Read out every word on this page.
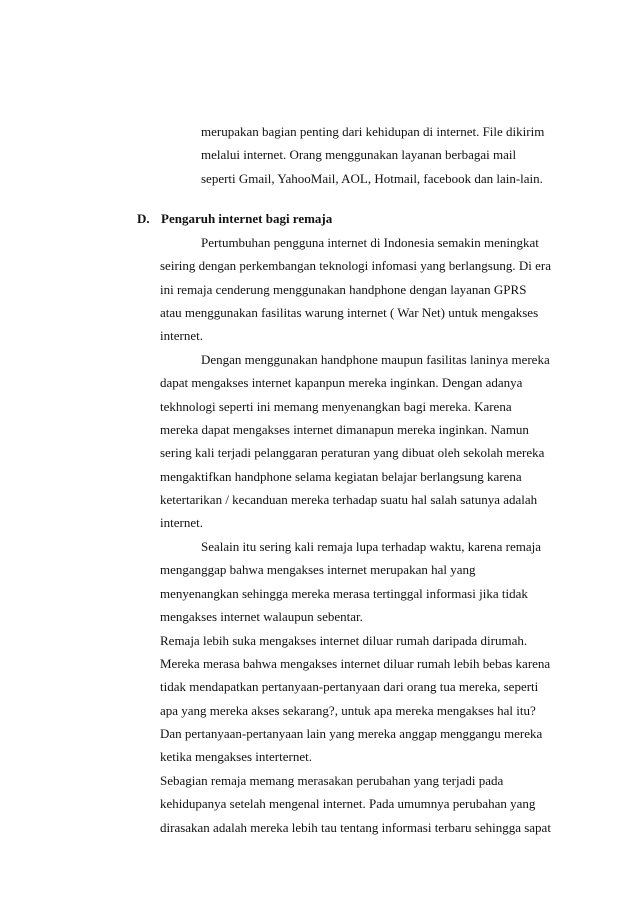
merupakan bagian penting dari kehidupan di internet. File dikirim
melalui internet. Orang menggunakan layanan berbagai mail
seperti Gmail, YahooMail, AOL, Hotmail, facebook dan lain-lain.
D. Pengaruh internet bagi remaja
Pertumbuhan pengguna internet di Indonesia semakin meningkat
seiring dengan perkembangan teknologi infomasi yang berlangsung. Di era
ini remaja cenderung menggunakan handphone dengan layanan GPRS
atau menggunakan fasilitas warung internet ( War Net) untuk mengakses
internet.
Dengan menggunakan handphone maupun fasilitas laninya mereka
dapat mengakses internet kapanpun mereka inginkan. Dengan adanya
tekhnologi seperti ini memang menyenangkan bagi mereka. Karena
mereka dapat mengakses internet dimanapun mereka inginkan. Namun
sering kali terjadi pelanggaran peraturan yang dibuat oleh sekolah mereka
mengaktifkan handphone selama kegiatan belajar berlangsung karena
ketertarikan / kecanduan mereka terhadap suatu hal salah satunya adalah
internet.
Sealain itu sering kali remaja lupa terhadap waktu, karena remaja
menganggap bahwa mengakses internet merupakan hal yang
menyenangkan sehingga mereka merasa tertinggal informasi jika tidak
mengakses internet walaupun sebentar.
Remaja lebih suka mengakses internet diluar rumah daripada dirumah.
Mereka merasa bahwa mengakses internet diluar rumah lebih bebas karena
tidak mendapatkan pertanyaan-pertanyaan dari orang tua mereka, seperti
apa yang mereka akses sekarang?, untuk apa mereka mengakses hal itu?
Dan pertanyaan-pertanyaan lain yang mereka anggap menggangu mereka
ketika mengakses interternet.
Sebagian remaja memang merasakan perubahan yang terjadi pada
kehidupanya setelah mengenal internet. Pada umumnya perubahan yang
dirasakan adalah mereka lebih tau tentang informasi terbaru sehingga sapat
